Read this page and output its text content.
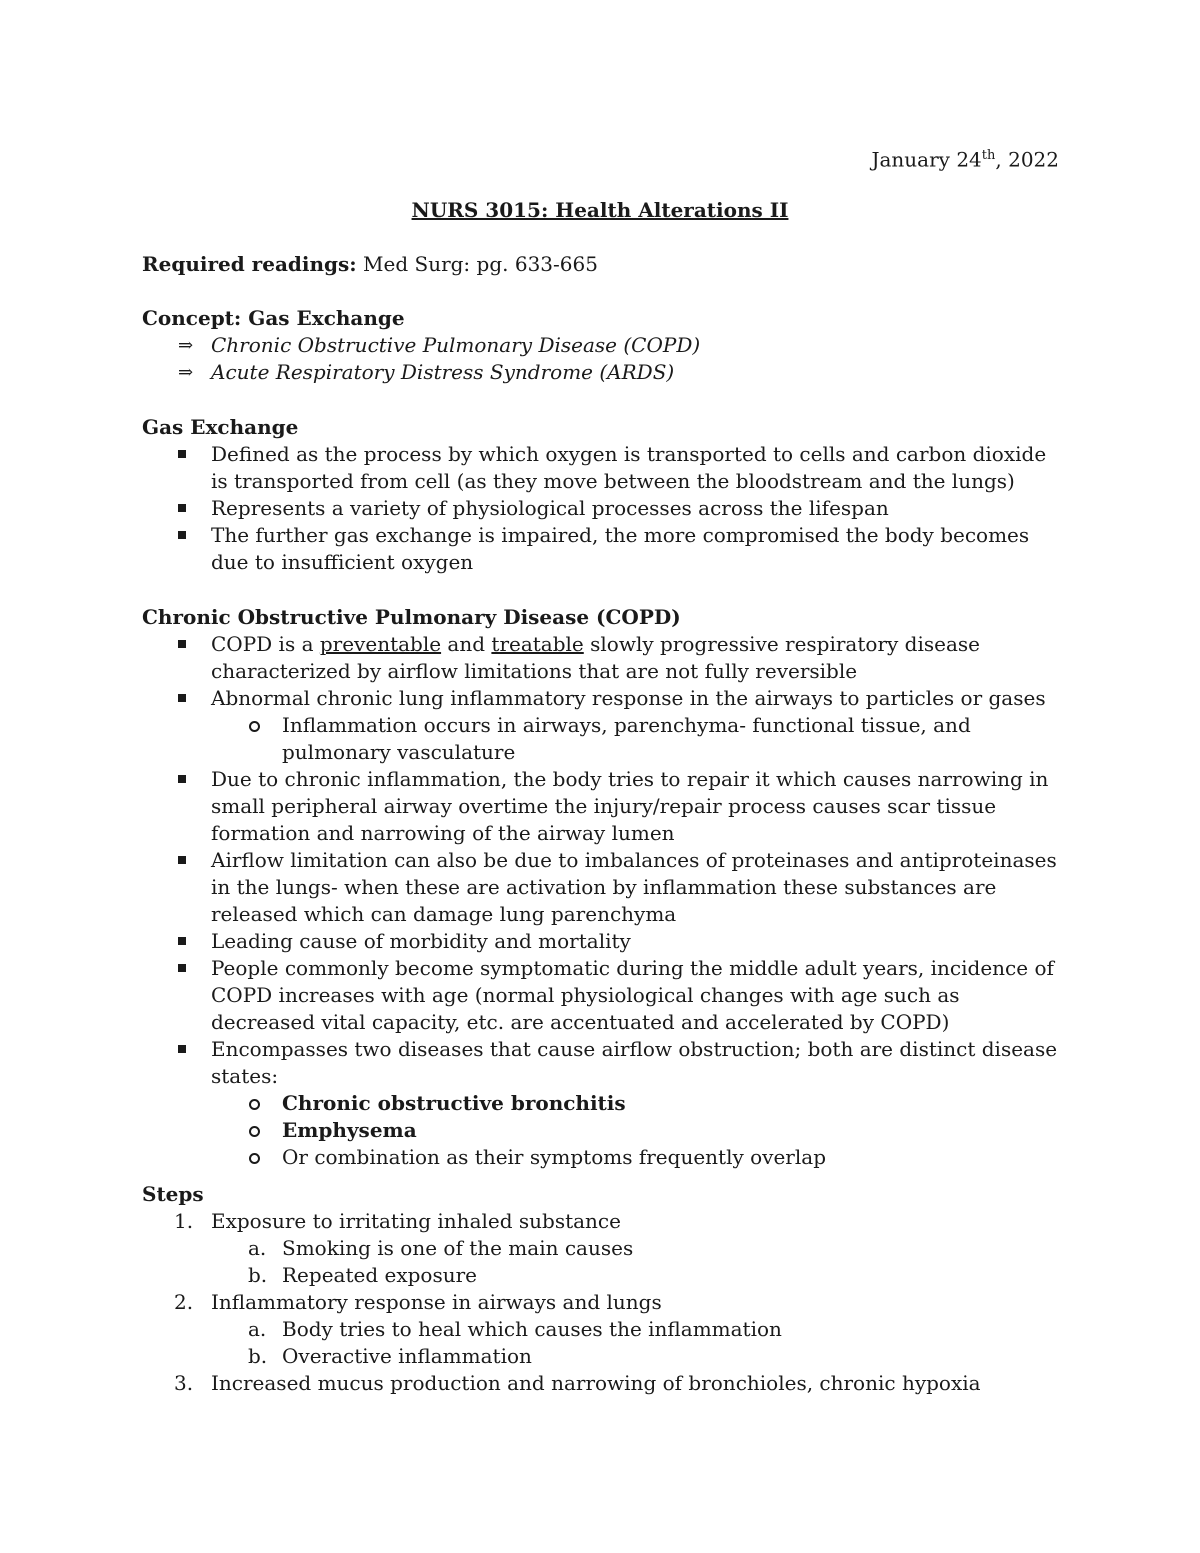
January 24th, 2022
NURS 3015: Health Alterations II
Required readings: Med Surg: pg. 633-665
Concept: Gas Exchange
⇒ Chronic Obstructive Pulmonary Disease (COPD)
⇒ Acute Respiratory Distress Syndrome (ARDS)
Gas Exchange
Defined as the process by which oxygen is transported to cells and carbon dioxide is transported from cell (as they move between the bloodstream and the lungs)
Represents a variety of physiological processes across the lifespan
The further gas exchange is impaired, the more compromised the body becomes due to insufficient oxygen
Chronic Obstructive Pulmonary Disease (COPD)
COPD is a preventable and treatable slowly progressive respiratory disease characterized by airflow limitations that are not fully reversible
Abnormal chronic lung inflammatory response in the airways to particles or gases
Inflammation occurs in airways, parenchyma- functional tissue, and pulmonary vasculature
Due to chronic inflammation, the body tries to repair it which causes narrowing in small peripheral airway overtime the injury/repair process causes scar tissue formation and narrowing of the airway lumen
Airflow limitation can also be due to imbalances of proteinases and antiproteinases in the lungs- when these are activation by inflammation these substances are released which can damage lung parenchyma
Leading cause of morbidity and mortality
People commonly become symptomatic during the middle adult years, incidence of COPD increases with age (normal physiological changes with age such as decreased vital capacity, etc. are accentuated and accelerated by COPD)
Encompasses two diseases that cause airflow obstruction; both are distinct disease states:
Chronic obstructive bronchitis
Emphysema
Or combination as their symptoms frequently overlap
Steps
1. Exposure to irritating inhaled substance
a. Smoking is one of the main causes
b. Repeated exposure
2. Inflammatory response in airways and lungs
a. Body tries to heal which causes the inflammation
b. Overactive inflammation
3. Increased mucus production and narrowing of bronchioles, chronic hypoxia
